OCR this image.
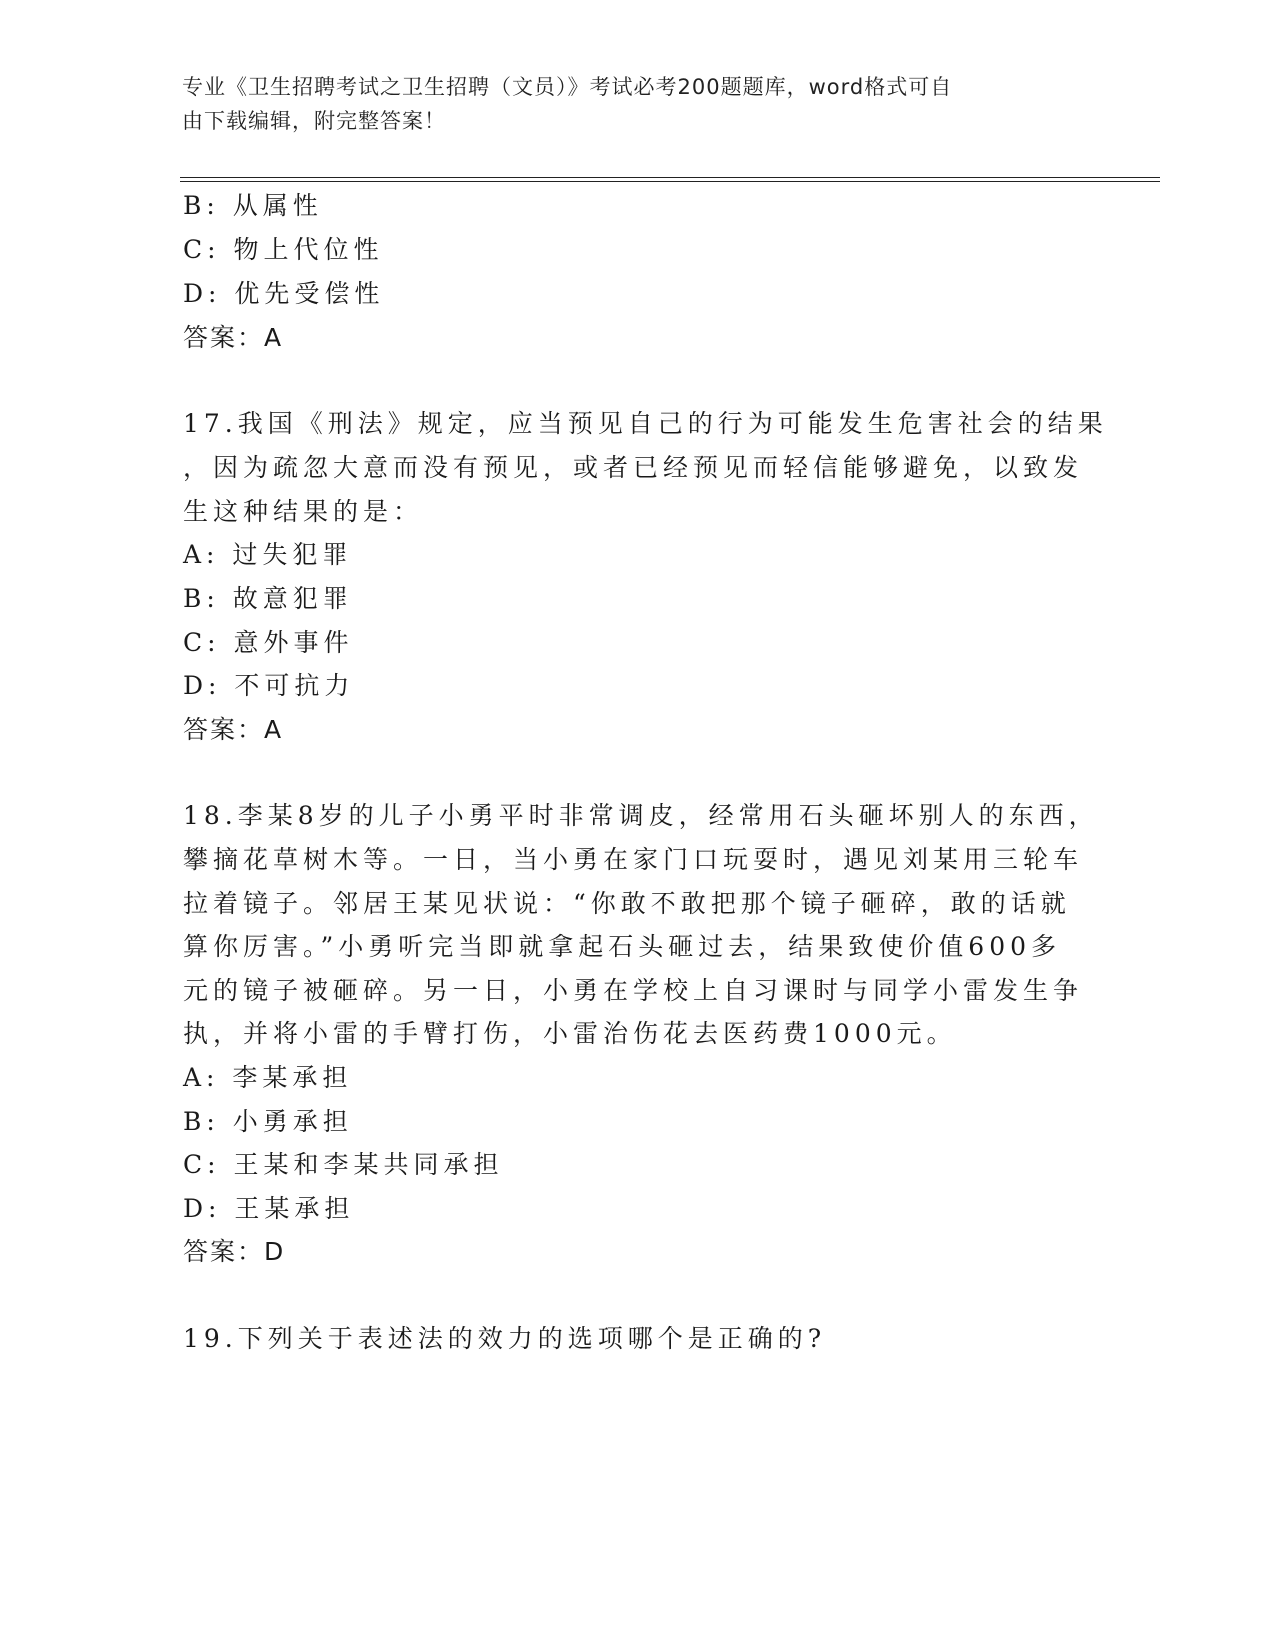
专业《卫生招聘考试之卫生招聘（文员）》考试必考200题题库，word格式可自
由下载编辑，附完整答案！
B: 从属性
C: 物上代位性
D: 优先受偿性
答案：A
17.我国《刑法》规定，应当预见自己的行为可能发生危害社会的结果
，因为疏忽大意而没有预见，或者已经预见而轻信能够避免，以致发
生这种结果的是：
A: 过失犯罪
B: 故意犯罪
C: 意外事件
D: 不可抗力
答案：A
18.李某8岁的儿子小勇平时非常调皮，经常用石头砸坏别人的东西，
攀摘花草树木等。一日，当小勇在家门口玩耍时，遇见刘某用三轮车
拉着镜子。邻居王某见状说：“你敢不敢把那个镜子砸碎，敢的话就
算你厉害。”小勇听完当即就拿起石头砸过去，结果致使价值600多
元的镜子被砸碎。另一日，小勇在学校上自习课时与同学小雷发生争
执，并将小雷的手臂打伤，小雷治伤花去医药费1000元。
A: 李某承担
B: 小勇承担
C: 王某和李某共同承担
D: 王某承担
答案：D
19.下列关于表述法的效力的选项哪个是正确的?
